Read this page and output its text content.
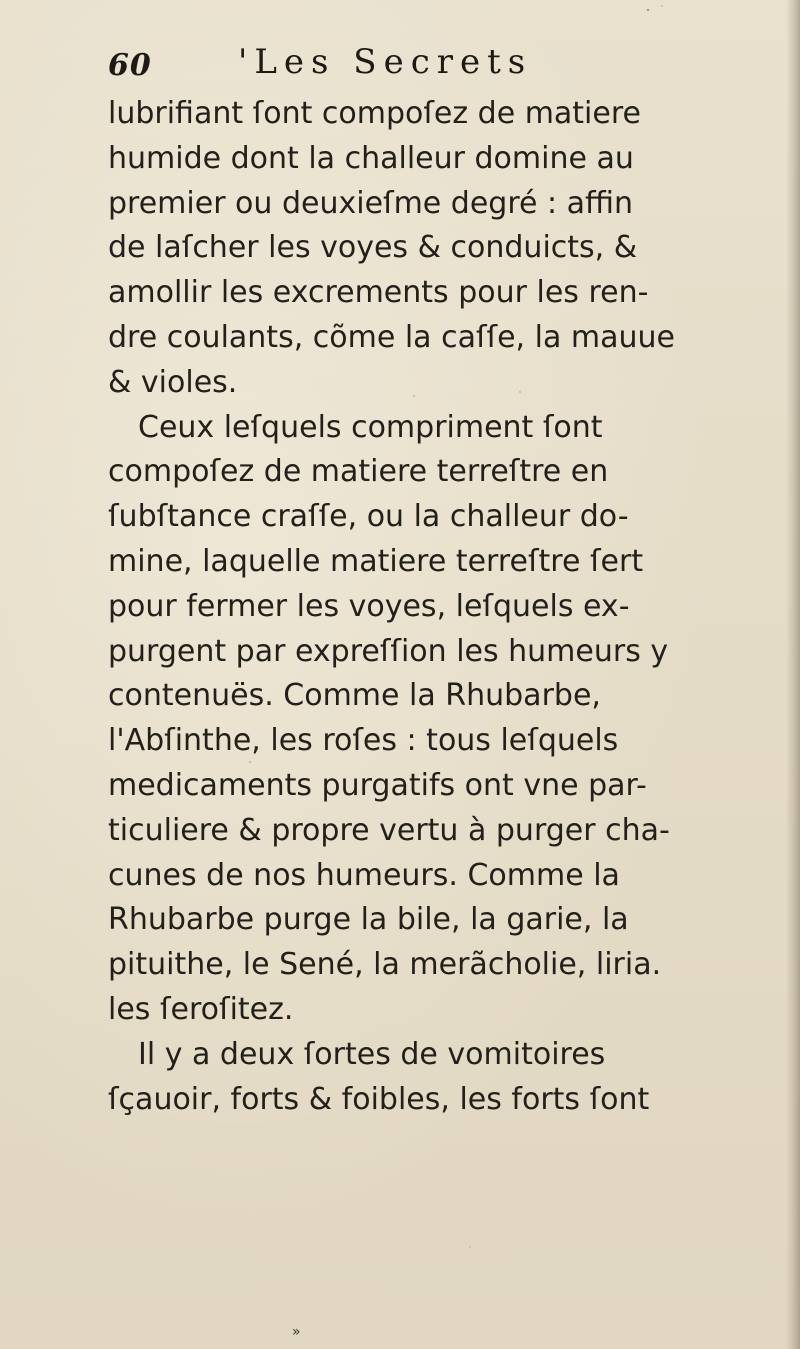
60	'Les Secrets
lubrifiant ſont compoſez de matiere
humide dont la challeur domine au
premier ou deuxieſme degré : affin
de laſcher les voyes & conduicts, &
amollir les excrements pour les ren-
dre coulants, cõme la caſſe, la mauue
& violes.
Ceux leſquels compriment ſont
compoſez de matiere terreſtre en
ſubſtance craſſe, ou la challeur do-
mine, laquelle matiere terreſtre ſert
pour fermer les voyes, leſquels ex-
purgent par expreſſion les humeurs y
contenuës. Comme la Rhubarbe,
l'Abſinthe, les roſes : tous leſquels
medicaments purgatifs ont vne par-
ticuliere & propre vertu à purger cha-
cunes de nos humeurs. Comme la
Rhubarbe purge la bile, la garie, la
pituithe, le Sené, la merãcholie, liria.
les ſeroſitez.
Il y a deux ſortes de vomitoires
ſçauoir, forts & foibles, les forts ſont
»
